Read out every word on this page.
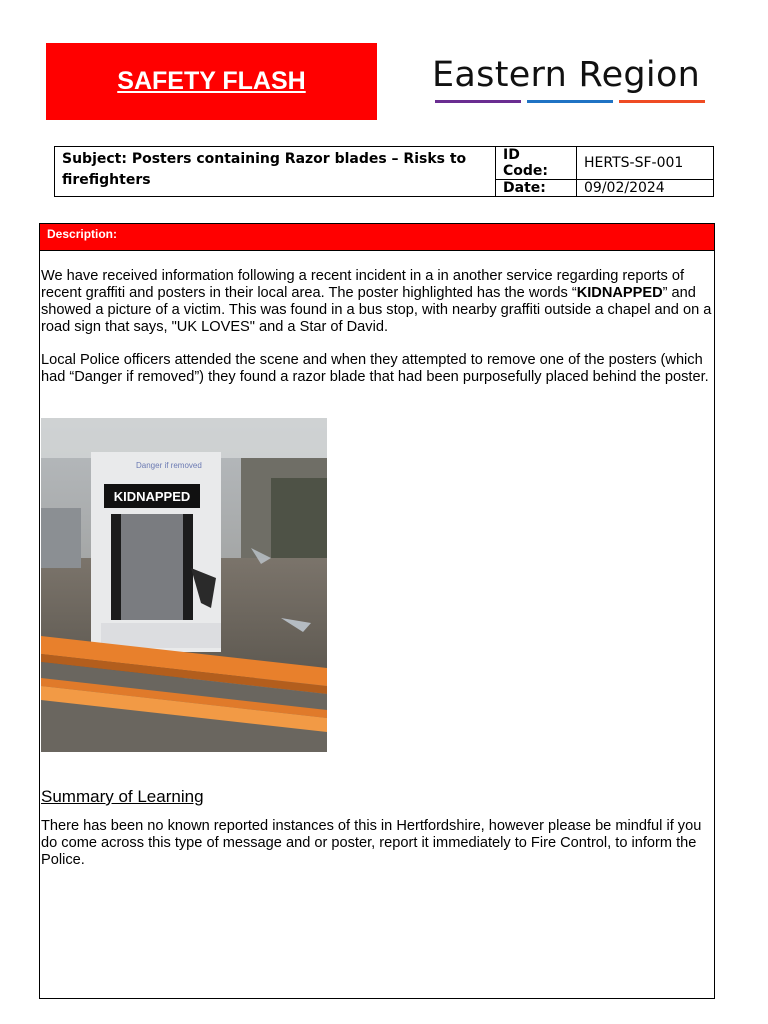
SAFETY FLASH	Eastern Region
Subject: Posters containing Razor blades – Risks to firefighters	ID Code:	HERTS-SF-001
	Date:	09/02/2024
Description:

We have received information following a recent incident in a in another service regarding reports of recent graffiti and posters in their local area. The poster highlighted has the words “KIDNAPPED” and showed a picture of a victim. This was found in a bus stop, with nearby graffiti outside a chapel and on a road sign that says, "UK LOVES" and a Star of David.

Local Police officers attended the scene and when they attempted to remove one of the posters (which had “Danger if removed”) they found a razor blade that had been purposefully placed behind the poster.

Danger if removed
KIDNAPPED
Summary of Learning

There has been no known reported instances of this in Hertfordshire, however please be mindful if you do come across this type of message and or poster, report it immediately to Fire Control, to inform the Police.
